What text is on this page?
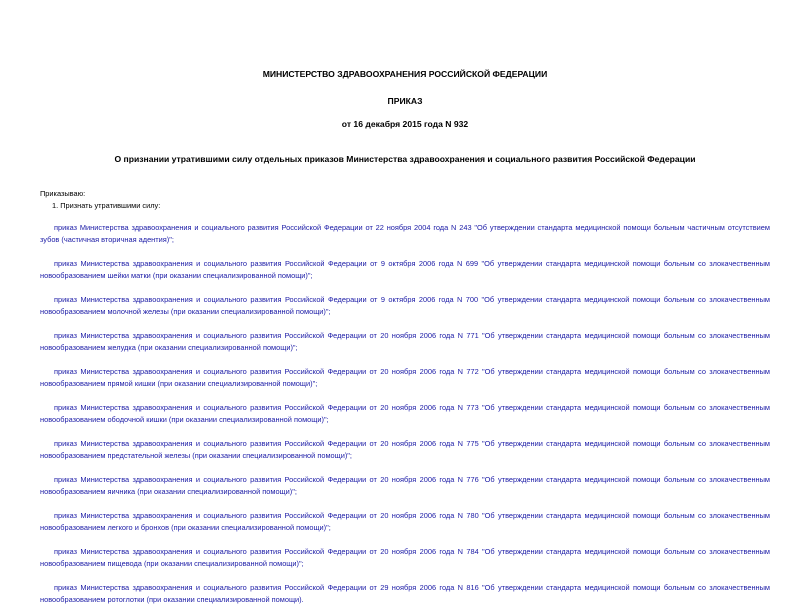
МИНИСТЕРСТВО ЗДРАВООХРАНЕНИЯ РОССИЙСКОЙ ФЕДЕРАЦИИ

ПРИКАЗ

от 16 декабря 2015 года N 932

О признании утратившими силу отдельных приказов Министерства здравоохранения и социального развития Российской Федерации

Приказываю:

1. Признать утратившими силу:

приказ Министерства здравоохранения и социального развития Российской Федерации от 22 ноября 2004 года N 243 "Об утверждении стандарта медицинской помощи больным частичным отсутствием зубов (частичная вторичная адентия)";

приказ Министерства здравоохранения и социального развития Российской Федерации от 9 октября 2006 года N 699 "Об утверждении стандарта медицинской помощи больным со злокачественным новообразованием шейки матки (при оказании специализированной помощи)";

приказ Министерства здравоохранения и социального развития Российской Федерации от 9 октября 2006 года N 700 "Об утверждении стандарта медицинской помощи больным со злокачественным новообразованием молочной железы (при оказании специализированной помощи)";

приказ Министерства здравоохранения и социального развития Российской Федерации от 20 ноября 2006 года N 771 "Об утверждении стандарта медицинской помощи больным со злокачественным новообразованием желудка (при оказании специализированной помощи)";

приказ Министерства здравоохранения и социального развития Российской Федерации от 20 ноября 2006 года N 772 "Об утверждении стандарта медицинской помощи больным со злокачественным новообразованием прямой кишки (при оказании специализированной помощи)";

приказ Министерства здравоохранения и социального развития Российской Федерации от 20 ноября 2006 года N 773 "Об утверждении стандарта медицинской помощи больным со злокачественным новообразованием ободочной кишки (при оказании специализированной помощи)";

приказ Министерства здравоохранения и социального развития Российской Федерации от 20 ноября 2006 года N 775 "Об утверждении стандарта медицинской помощи больным со злокачественным новообразованием предстательной железы (при оказании специализированной помощи)";

приказ Министерства здравоохранения и социального развития Российской Федерации от 20 ноября 2006 года N 776 "Об утверждении стандарта медицинской помощи больным со злокачественным новообразованием яичника (при оказании специализированной помощи)";

приказ Министерства здравоохранения и социального развития Российской Федерации от 20 ноября 2006 года N 780 "Об утверждении стандарта медицинской помощи больным со злокачественным новообразованием легкого и бронхов (при оказании специализированной помощи)";

приказ Министерства здравоохранения и социального развития Российской Федерации от 20 ноября 2006 года N 784 "Об утверждении стандарта медицинской помощи больным со злокачественным новообразованием пищевода (при оказании специализированной помощи)";

приказ Министерства здравоохранения и социального развития Российской Федерации от 29 ноября 2006 года N 816 "Об утверждении стандарта медицинской помощи больным со злокачественным новообразованием ротоглотки (при оказании специализированной помощи).
